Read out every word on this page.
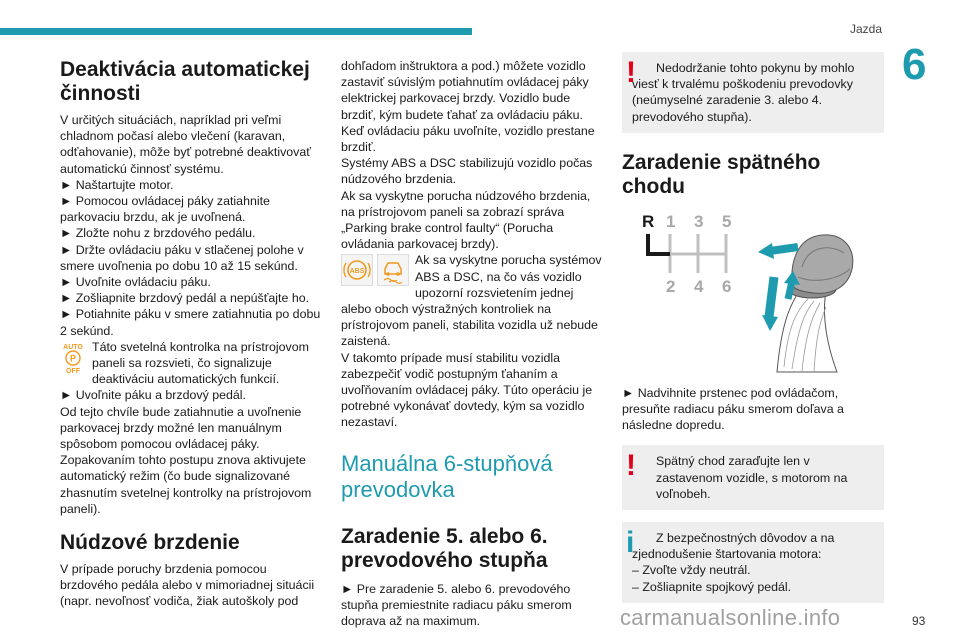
Jazda
6
Deaktivácia automatickej činnosti

V určitých situáciách, napríklad pri veľmi chladnom počasí alebo vlečení (karavan, odťahovanie), môže byť potrebné deaktivovať automatickú činnosť systému.

► Naštartujte motor.

► Pomocou ovládacej páky zatiahnite parkovaciu brzdu, ak je uvoľnená.

► Zložte nohu z brzdového pedálu.

► Držte ovládaciu páku v stlačenej polohe v smere uvoľnenia po dobu 10 až 15 sekúnd.

► Uvoľnite ovládaciu páku.

► Zošliapnite brzdový pedál a nepúšťajte ho.

► Potiahnite páku v smere zatiahnutia po dobu 2 sekúnd.

AUTO
P
OFF
Táto svetelná kontrolka na prístrojovom paneli sa rozsvieti, čo signalizuje deaktiváciu automatických funkcií.

► Uvoľnite páku a brzdový pedál.

Od tejto chvíle bude zatiahnutie a uvoľnenie parkovacej brzdy možné len manuálnym spôsobom pomocou ovládacej páky.

Zopakovaním tohto postupu znova aktivujete automatický režim (čo bude signalizované zhasnutím svetelnej kontrolky na prístrojovom paneli).

Núdzové brzdenie

V prípade poruchy brzdenia pomocou brzdového pedála alebo v mimoriadnej situácii (napr. nevoľnosť vodiča, žiak autoškoly pod

dohľadom inštruktora a pod.) môžete vozidlo zastaviť súvislým potiahnutím ovládacej páky elektrickej parkovacej brzdy. Vozidlo bude brzdiť, kým budete ťahať za ovládaciu páku. Keď ovládaciu páku uvoľníte, vozidlo prestane brzdiť.

Systémy ABS a DSC stabilizujú vozidlo počas núdzového brzdenia.

Ak sa vyskytne porucha núdzového brzdenia, na prístrojovom paneli sa zobrazí správa „Parking brake control faulty“ (Porucha ovládania parkovacej brzdy).

ABS
Ak sa vyskytne porucha systémov ABS a DSC, na čo vás vozidlo upozorní rozsvietením jednej alebo oboch výstražných kontroliek na prístrojovom paneli, stabilita vozidla už nebude zaistená.

V takomto prípade musí stabilitu vozidla zabezpečiť vodič postupným ťahaním a uvoľňovaním ovládacej páky. Túto operáciu je potrebné vykonávať dovtedy, kým sa vozidlo nezastaví.

Manuálna 6-stupňová prevodovka
Zaradenie 5. alebo 6. prevodového stupňa

► Pre zaradenie 5. alebo 6. prevodového stupňa premiestnite radiacu páku smerom doprava až na maximum.

!	Nedodržanie tohto pokynu by mohlo viesť k trvalému poškodeniu prevodovky (neúmyselné zaradenie 3. alebo 4. prevodového stupňa).

Zaradenie spätného chodu
R 1 3 5
2 4 6

► Nadvihnite prstenec pod ovládačom, presuňte radiacu páku smerom doľava a následne dopredu.

!	Spätný chod zaraďujte len v zastavenom vozidle, s motorom na voľnobeh.

i	Z bezpečnostných dôvodov a na zjednodušenie štartovania motora:

– Zvoľte vždy neutrál.

– Zošliapnite spojkový pedál.

carmanualsonline.info	93
